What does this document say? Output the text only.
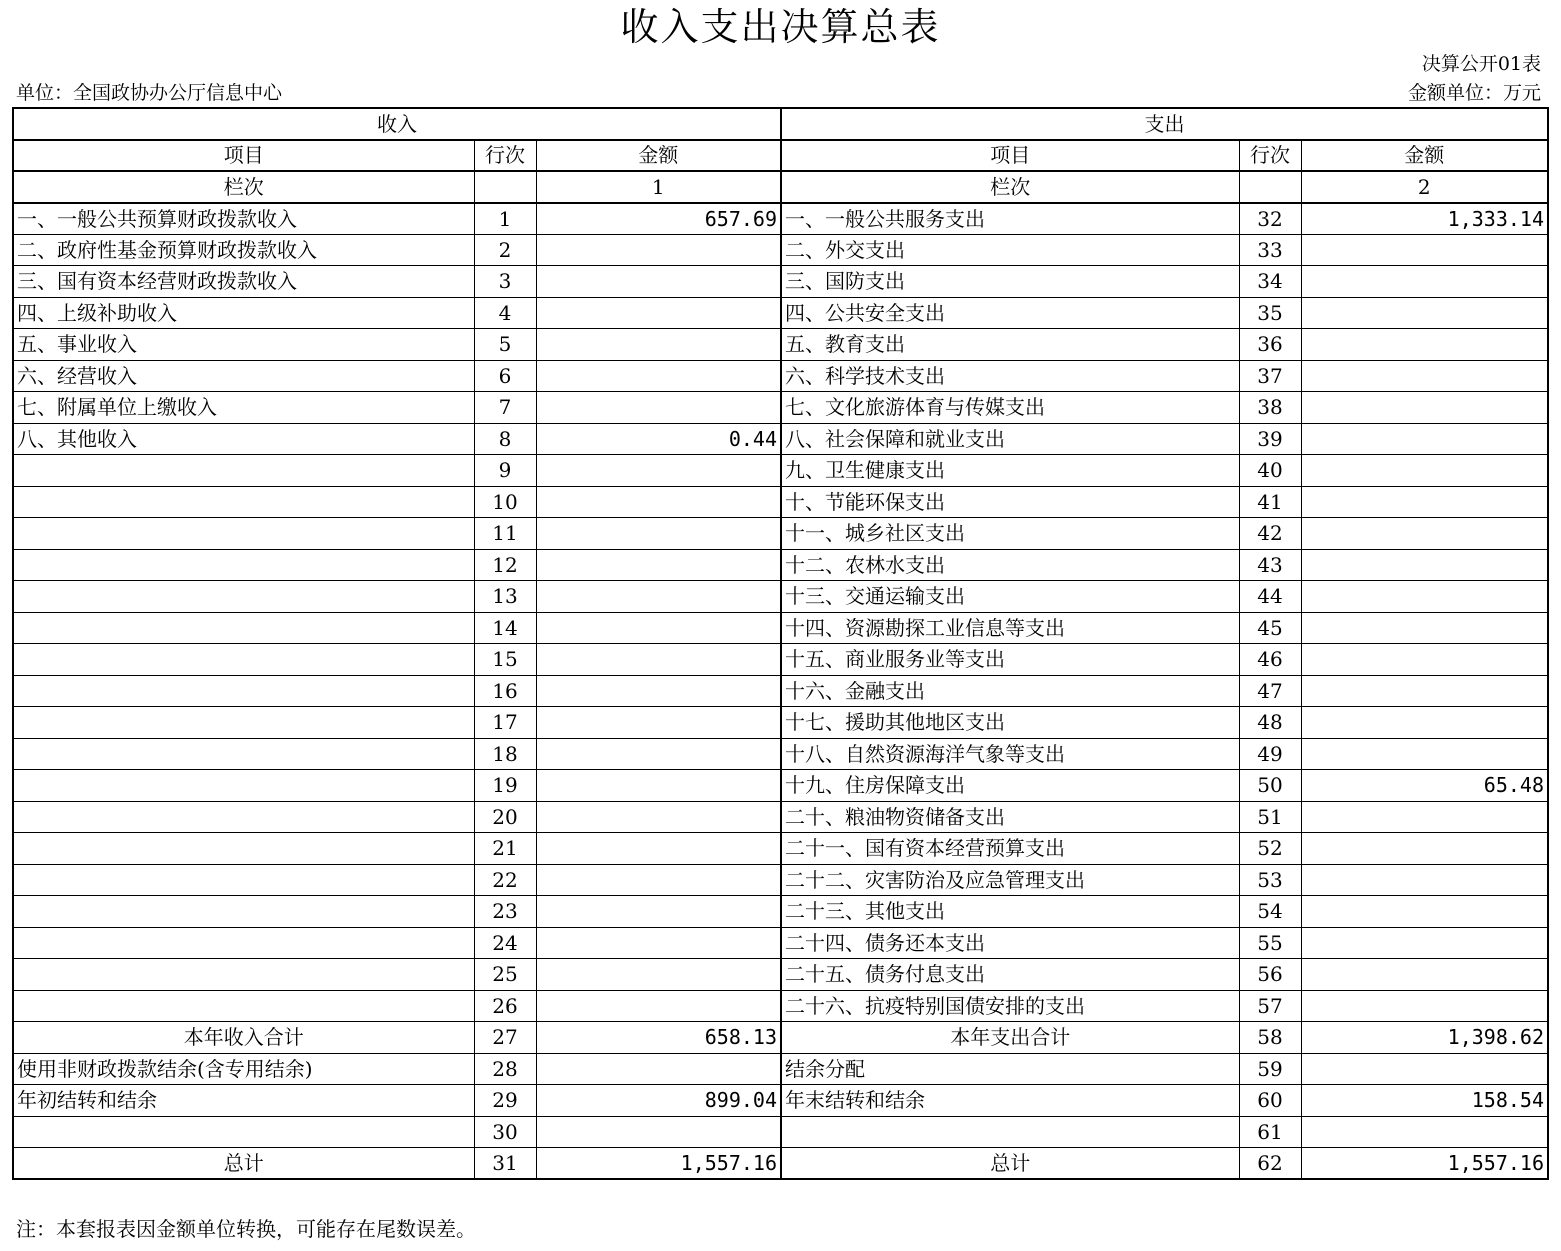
收入支出决算总表
决算公开01表
单位：全国政协办公厅信息中心	金额单位：万元
收入			支出		
项目	行次	金额	项目	行次	金额
栏次		1	栏次		2
一、一般公共预算财政拨款收入	1	657.69	一、一般公共服务支出	32	1,333.14
二、政府性基金预算财政拨款收入	2		二、外交支出	33	
三、国有资本经营财政拨款收入	3		三、国防支出	34	
四、上级补助收入	4		四、公共安全支出	35	
五、事业收入	5		五、教育支出	36	
六、经营收入	6		六、科学技术支出	37	
七、附属单位上缴收入	7		七、文化旅游体育与传媒支出	38	
八、其他收入	8	0.44	八、社会保障和就业支出	39	
	9		九、卫生健康支出	40	
	10		十、节能环保支出	41	
	11		十一、城乡社区支出	42	
	12		十二、农林水支出	43	
	13		十三、交通运输支出	44	
	14		十四、资源勘探工业信息等支出	45	
	15		十五、商业服务业等支出	46	
	16		十六、金融支出	47	
	17		十七、援助其他地区支出	48	
	18		十八、自然资源海洋气象等支出	49	
	19		十九、住房保障支出	50	65.48
	20		二十、粮油物资储备支出	51	
	21		二十一、国有资本经营预算支出	52	
	22		二十二、灾害防治及应急管理支出	53	
	23		二十三、其他支出	54	
	24		二十四、债务还本支出	55	
	25		二十五、债务付息支出	56	
	26		二十六、抗疫特别国债安排的支出	57	
本年收入合计	27	658.13	本年支出合计	58	1,398.62
使用非财政拨款结余(含专用结余)	28		结余分配	59	
年初结转和结余	29	899.04	年末结转和结余	60	158.54
	30			61	
总计	31	1,557.16	总计	62	1,557.16
注：本套报表因金额单位转换，可能存在尾数误差。
